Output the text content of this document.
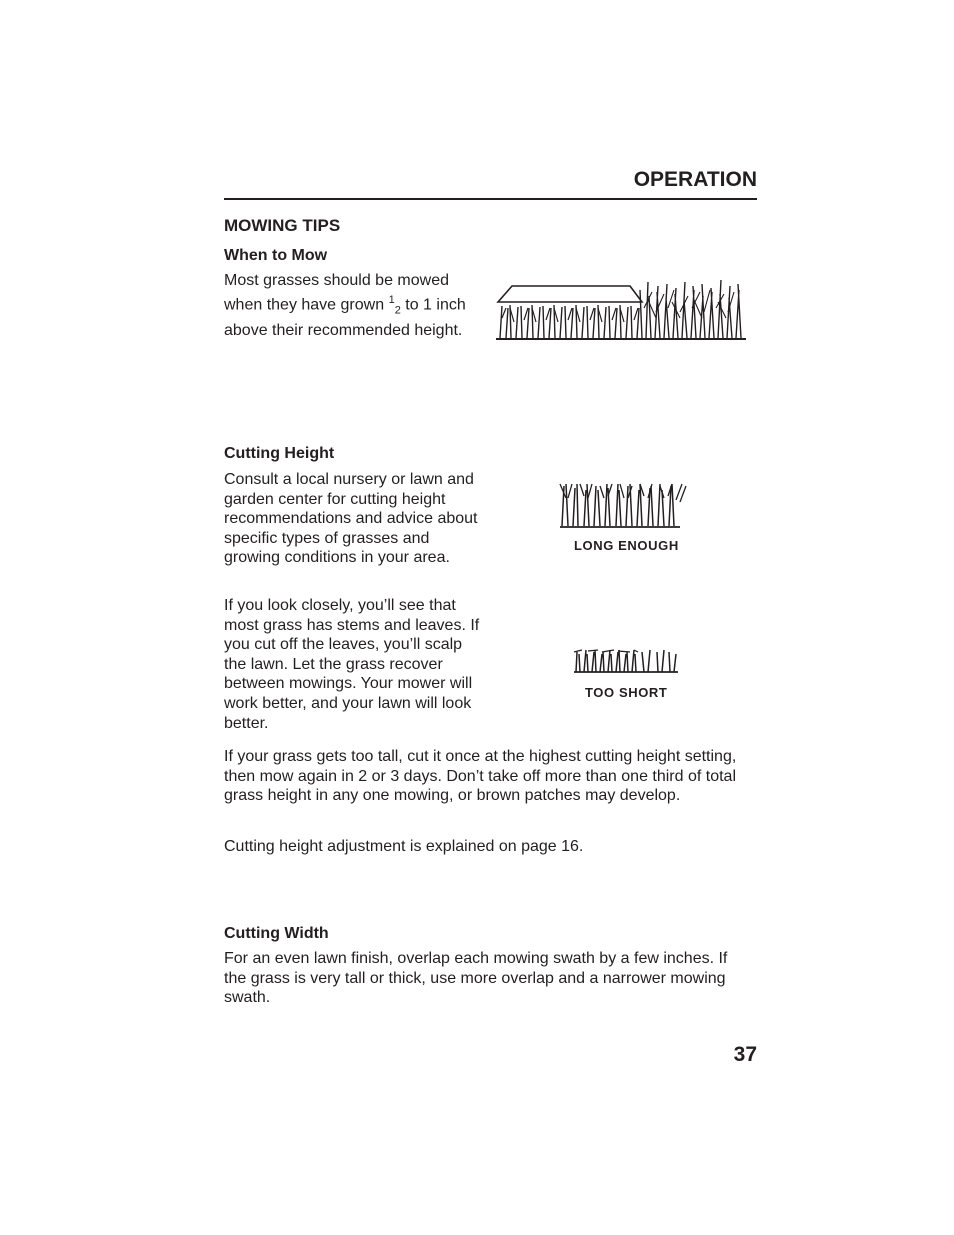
OPERATION
MOWING TIPS
When to Mow

Most grasses should be mowed when they have grown $^1_2$ to 1 inch above their recommended height.

Cutting Height
Consult a local nursery or lawn and garden center for cutting height recommendations and advice about specific types of grasses and growing conditions in your area.
If you look closely, you’ll see that most grass has stems and leaves. If you cut off the leaves, you’ll scalp the lawn. Let the grass recover between mowings. Your mower will work better, and your lawn will look better.
LONG ENOUGH
TOO SHORT
If your grass gets too tall, cut it once at the highest cutting height setting, then mow again in 2 or 3 days. Don’t take off more than one third of total grass height in any one mowing, or brown patches may develop.
Cutting height adjustment is explained on page 16.
Cutting Width
For an even lawn finish, overlap each mowing swath by a few inches. If the grass is very tall or thick, use more overlap and a narrower mowing swath.
37
